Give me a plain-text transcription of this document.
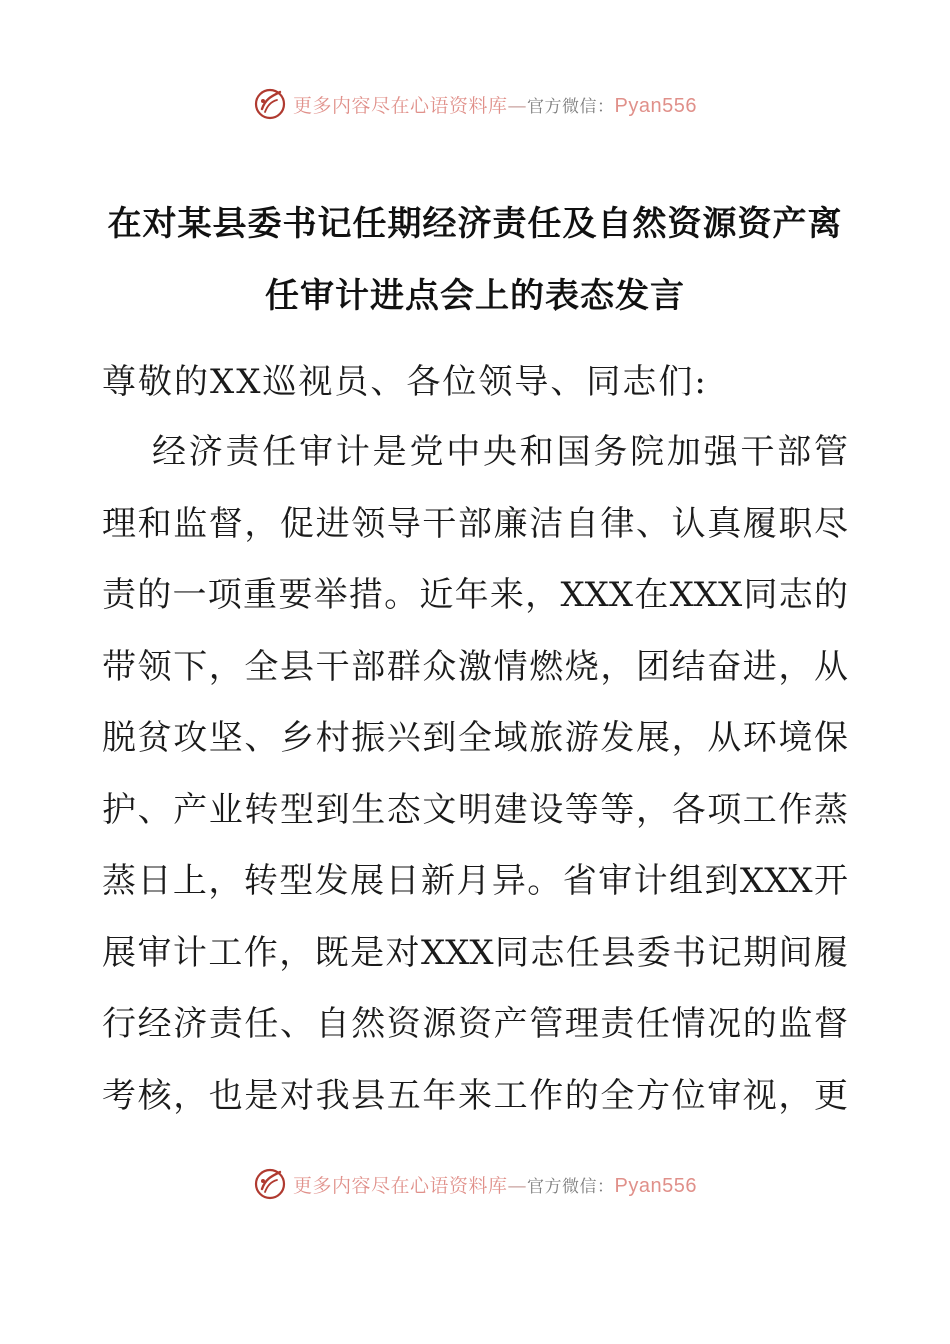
更多内容尽在心语资料库—官方微信：Pyan556
在对某县委书记任期经济责任及自然资源资产离
任审计进点会上的表态发言
尊敬的XX巡视员、各位领导、同志们:
经济责任审计是党中央和国务院加强干部管
理和监督，促进领导干部廉洁自律、认真履职尽
责的一项重要举措。近年来，XXX在XXX同志的
带领下，全县干部群众激情燃烧，团结奋进，从
脱贫攻坚、乡村振兴到全域旅游发展，从环境保
护、产业转型到生态文明建设等等，各项工作蒸
蒸日上，转型发展日新月异。省审计组到XXX开
展审计工作，既是对XXX同志任县委书记期间履
行经济责任、自然资源资产管理责任情况的监督
考核，也是对我县五年来工作的全方位审视，更
更多内容尽在心语资料库—官方微信：Pyan556
